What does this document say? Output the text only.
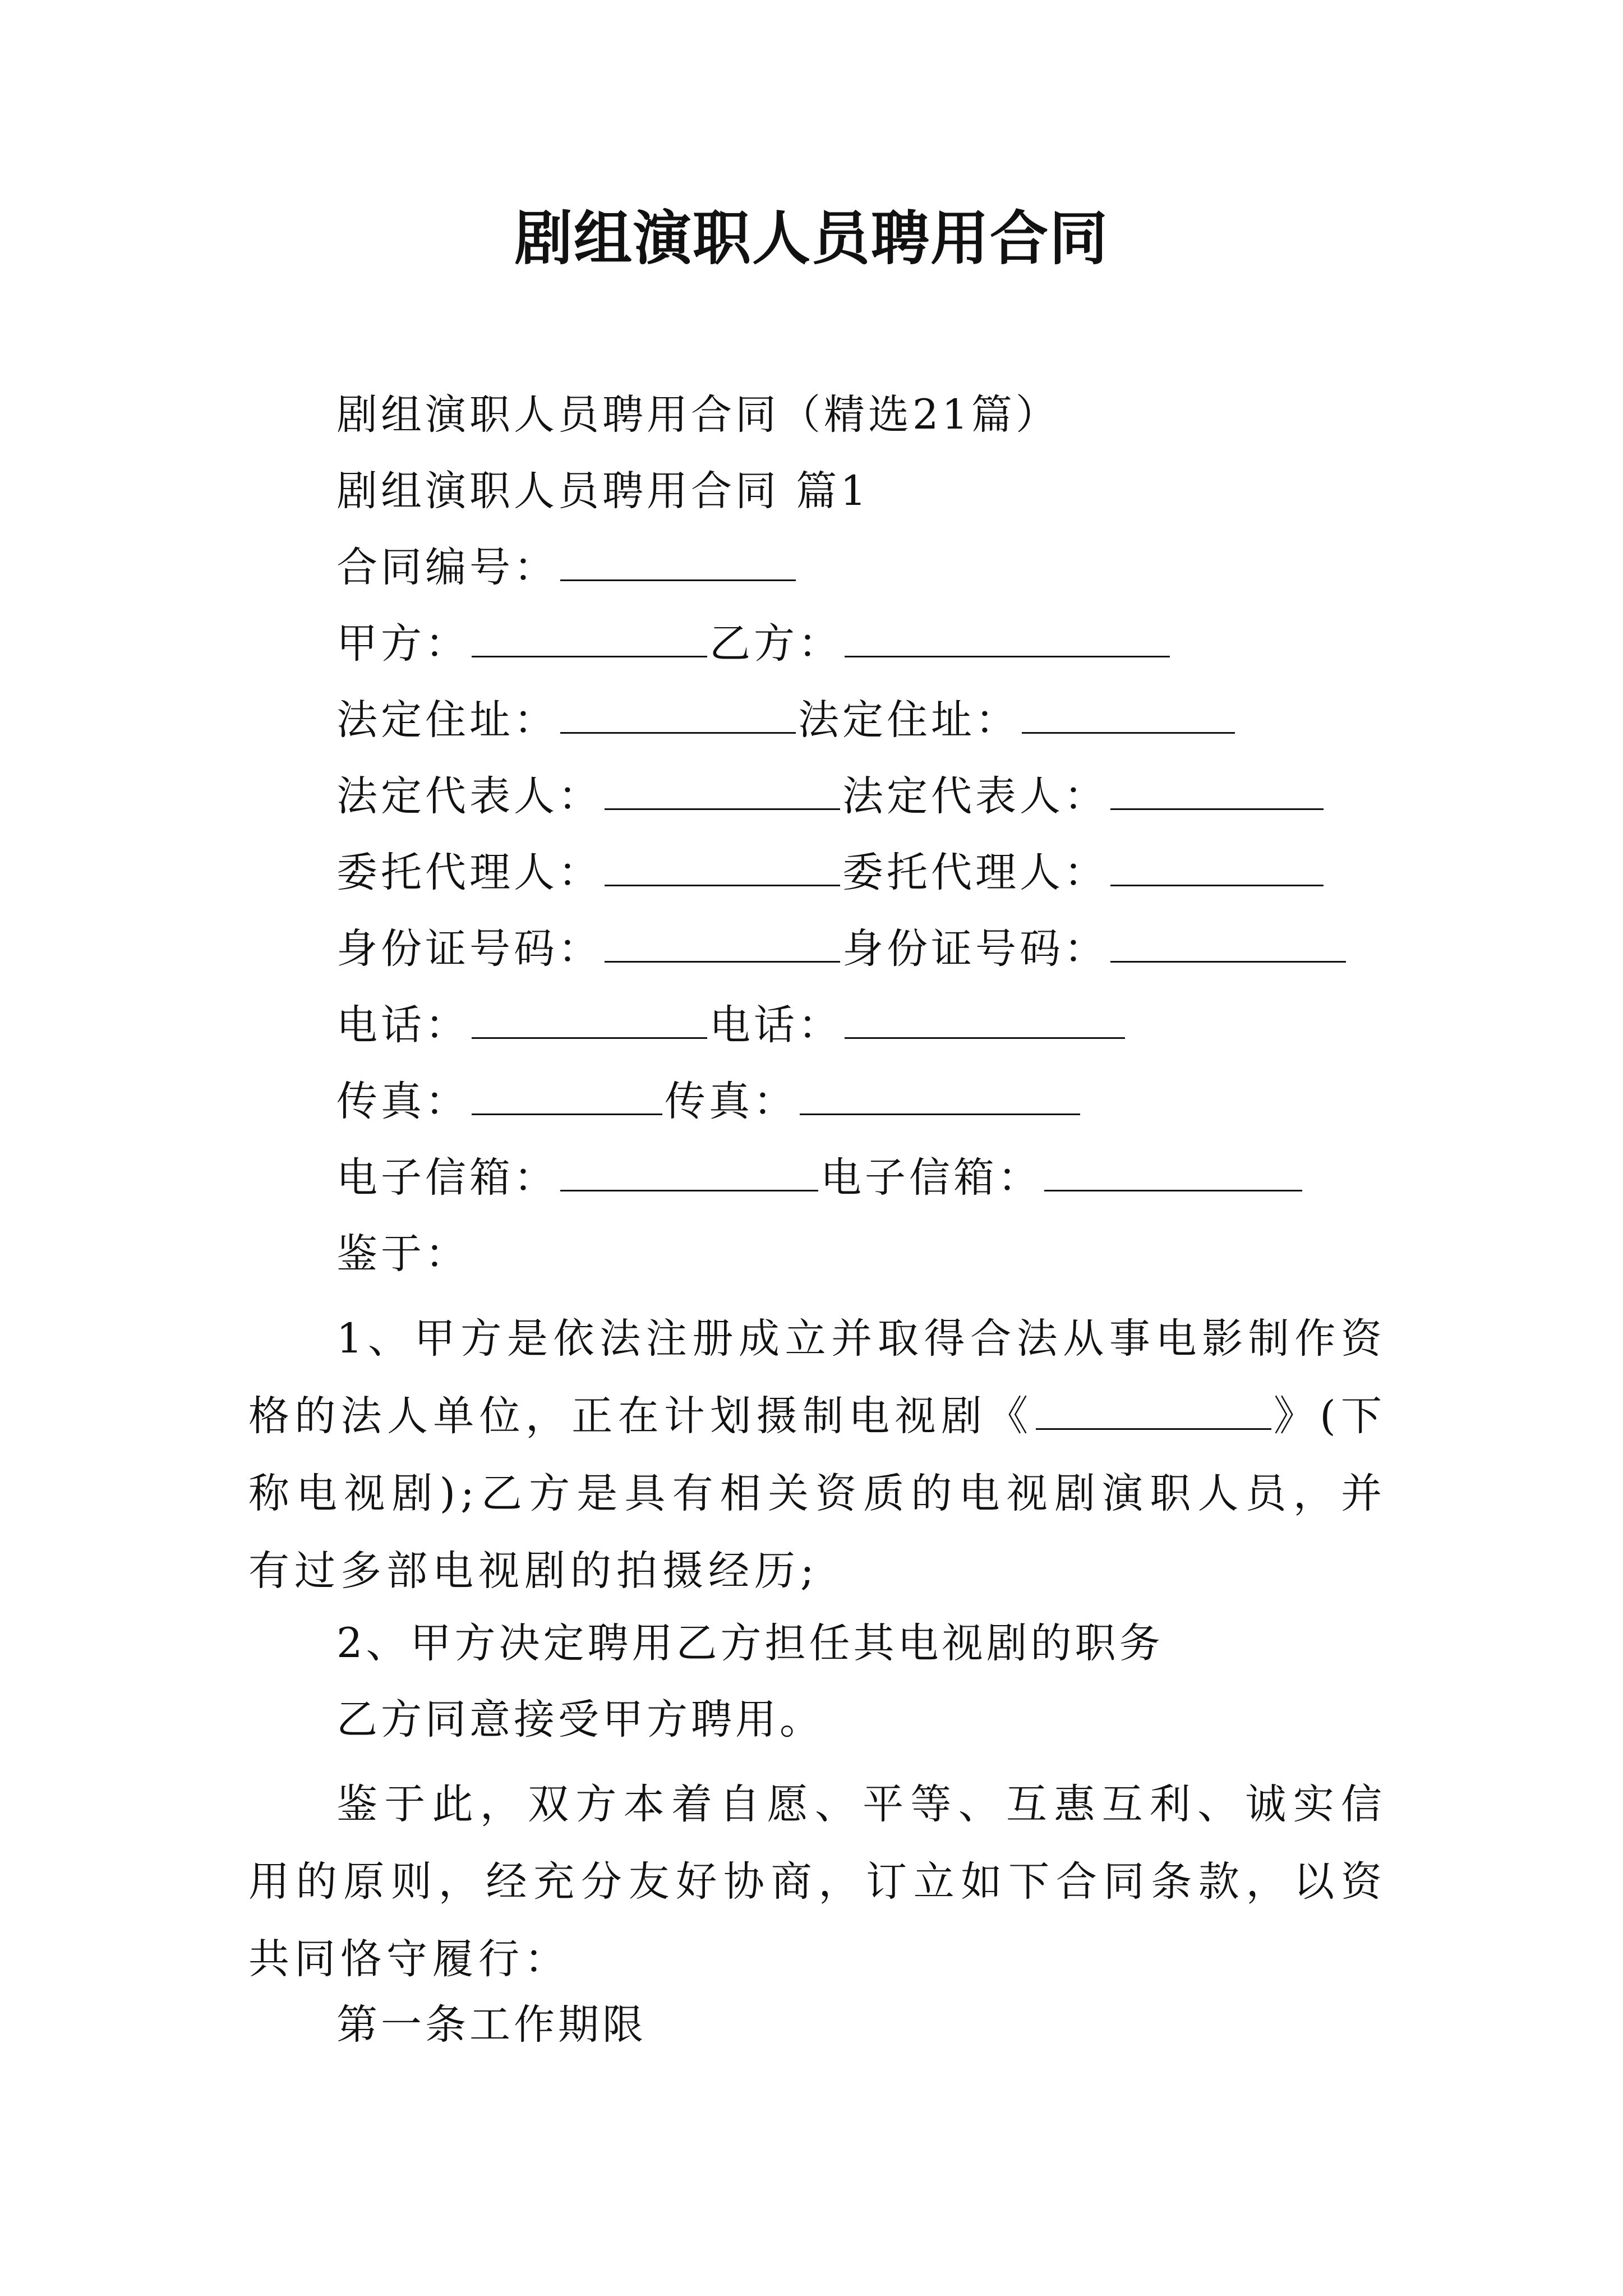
剧组演职人员聘用合同
剧组演职人员聘用合同（精选21篇）
剧组演职人员聘用合同 篇1
合同编号：
甲方：	乙方：
法定住址：	法定住址：
法定代表人：	法定代表人：
委托代理人：	委托代理人：
身份证号码：	身份证号码：
电话：	电话：
传真：	传真：
电子信箱：	电子信箱：
鉴于：
1、甲方是依法注册成立并取得合法从事电影制作资格的法人单位，正在计划摄制电视剧《	》(下称电视剧);乙方是具有相关资质的电视剧演职人员，并有过多部电视剧的拍摄经历;
2、甲方决定聘用乙方担任其电视剧的职务
乙方同意接受甲方聘用。
鉴于此，双方本着自愿、平等、互惠互利、诚实信用的原则，经充分友好协商，订立如下合同条款，以资共同恪守履行：
第一条工作期限
